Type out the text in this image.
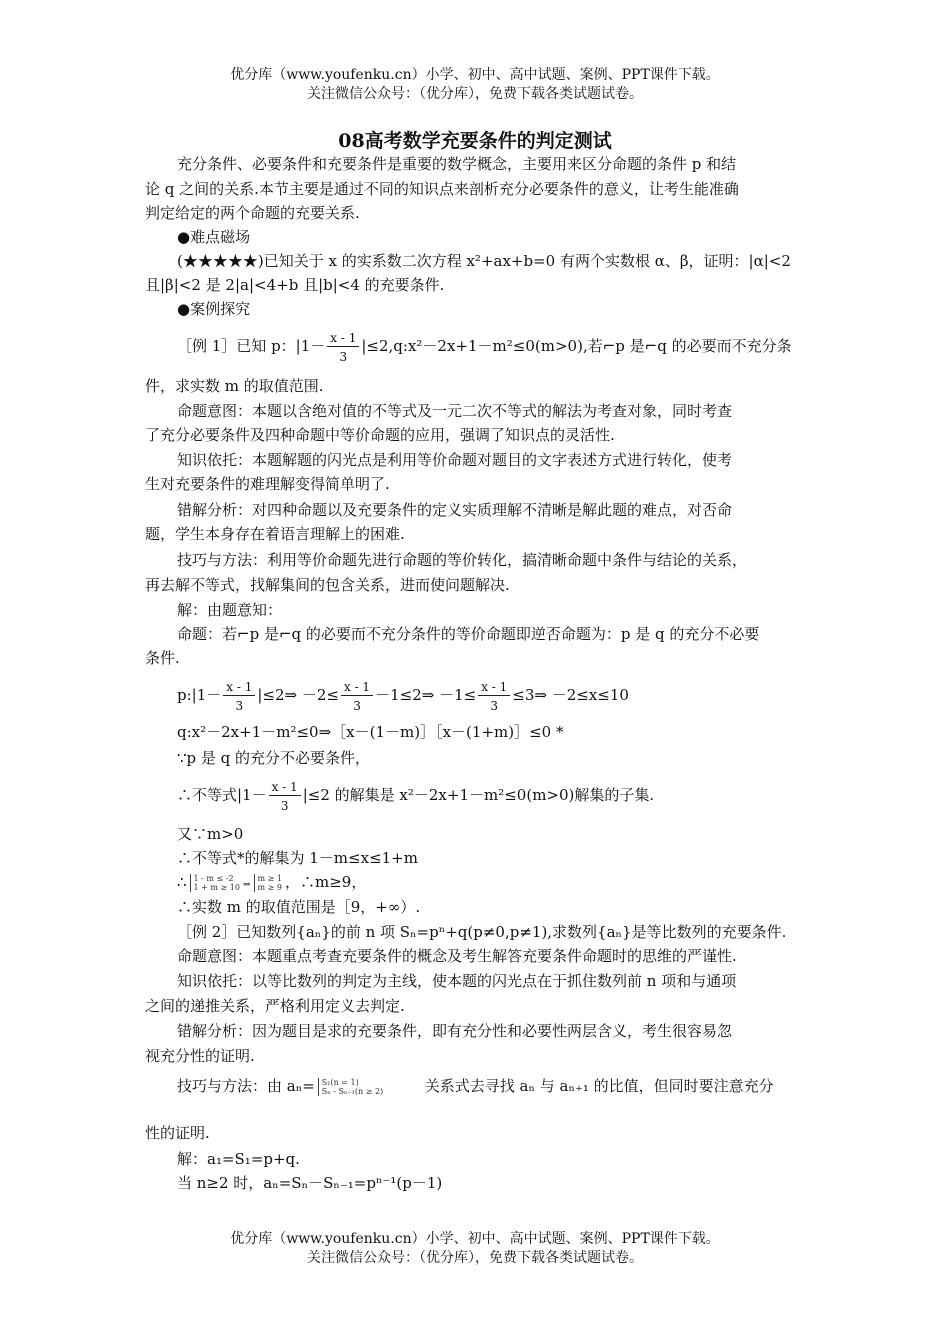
优分库（www.youfenku.cn）小学、初中、高中试题、案例、PPT课件下载。
关注微信公众号：（优分库），免费下载各类试题试卷。
08高考数学充要条件的判定测试
充分条件、必要条件和充要条件是重要的数学概念，主要用来区分命题的条件 p 和结
论 q 之间的关系.本节主要是通过不同的知识点来剖析充分必要条件的意义，让考生能准确
判定给定的两个命题的充要关系.
●难点磁场
(★★★★★)已知关于 x 的实系数二次方程 x²+ax+b=0 有两个实数根 α、β，证明：|α|<2
且|β|<2 是 2|a|<4+b 且|b|<4 的充要条件.
●案例探究
［例 1］已知 p：$|1- \frac{x - 1}{3}$ |≤2,q:x²－2x+1－m²≤0(m>0),若⌐p 是⌐q 的必要而不充分条
件，求实数 m 的取值范围.
命题意图：本题以含绝对值的不等式及一元二次不等式的解法为考查对象，同时考查
了充分必要条件及四种命题中等价命题的应用，强调了知识点的灵活性.
知识依托：本题解题的闪光点是利用等价命题对题目的文字表述方式进行转化，使考
生对充要条件的难理解变得简单明了.
错解分析：对四种命题以及充要条件的定义实质理解不清晰是解此题的难点，对否命
题，学生本身存在着语言理解上的困难.
技巧与方法：利用等价命题先进行命题的等价转化，搞清晰命题中条件与结论的关系，
再去解不等式，找解集间的包含关系，进而使问题解决.
解：由题意知：
命题：若⌐p 是⌐q 的必要而不充分条件的等价命题即逆否命题为：p 是 q 的充分不必要
条件.
p:|1－ $\frac{x - 1}{3}$ |≤2⇒ $-2\le \frac{x - 1}{3}$ －1≤2⇒ $-1\le \frac{x - 1}{3}$ ≤3⇒ －2≤x≤10
q:x²－2x+1－m²≤0⇒［x－(1－m)］［x－(1+m)］≤0 *
∵p 是 q 的充分不必要条件，
∴不等式$|1- \frac{x - 1}{3} |\le 2$ 的解集是 x²－2x+1－m²≤0(m>0)解集的子集.
又∵m>0
∴不等式*的解集为 1－m≤x≤1+m
∴ 1 - m ≤ -2
1 + m ≥ 10 ⇒m ≥ 1
m ≥ 9 ，∴m≥9，
∴实数 m 的取值范围是［9，+∞）.
［例 2］已知数列{aₙ}的前 n 项 Sₙ=pⁿ+q(p≠0,p≠1),求数列{aₙ}是等比数列的充要条件.
命题意图：本题重点考查充要条件的概念及考生解答充要条件命题时的思维的严谨性.
知识依托：以等比数列的判定为主线，使本题的闪光点在于抓住数列前 n 项和与通项
之间的递推关系，严格利用定义去判定.
错解分析：因为题目是求的充要条件，即有充分性和必要性两层含义，考生很容易忽
视充分性的证明.
技巧与方法：由 aₙ= S₁(n = 1)
Sₙ - Sₙ₋₁(n ≥ 2)	关系式去寻找 aₙ 与 aₙ₊₁ 的比值，但同时要注意充分
性的证明.
解：a₁=S₁=p+q.
当 n≥2 时，aₙ=Sₙ－Sₙ₋₁=pⁿ⁻¹(p－1)
优分库（www.youfenku.cn）小学、初中、高中试题、案例、PPT课件下载。
关注微信公众号：（优分库），免费下载各类试题试卷。
